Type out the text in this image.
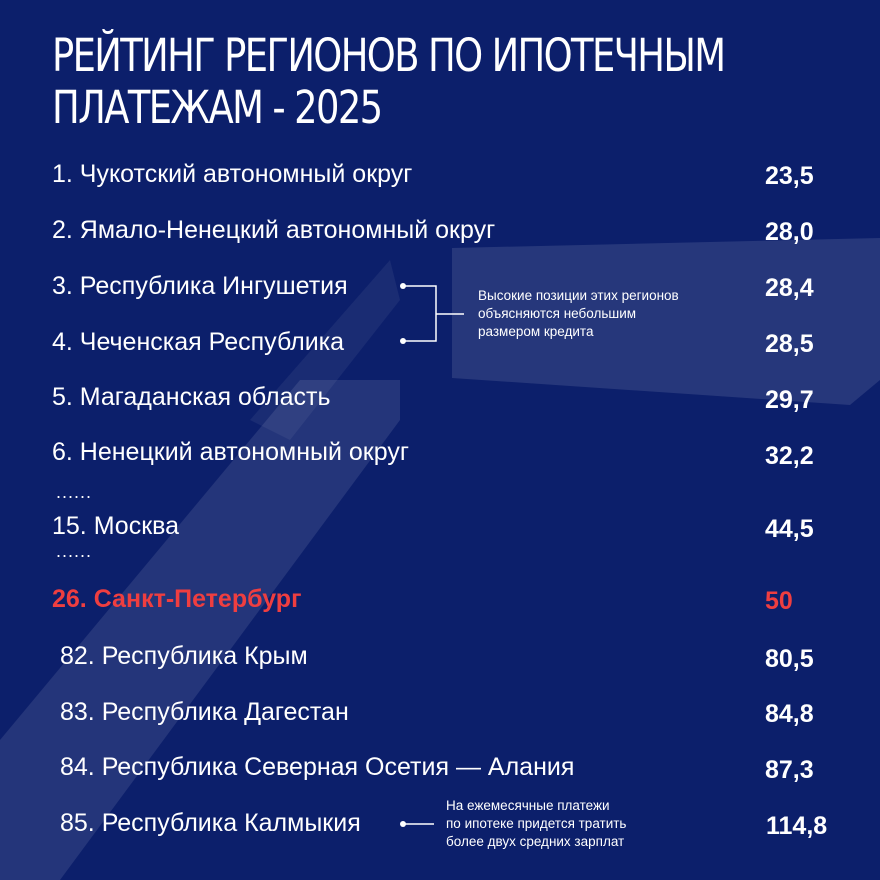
РЕЙТИНГ РЕГИОНОВ ПО ИПОТЕЧНЫМ
ПЛАТЕЖАМ - 2025
1. Чукотский автономный округ	23,5
2. Ямало-Ненецкий автономный округ	28,0
3. Республика Ингушетия	28,4
4. Чеченская Республика	28,5
5. Магаданская область	29,7
6. Ненецкий автономный округ	32,2
......
15. Москва	44,5
......
26. Санкт-Петербург	50
82. Республика Крым	80,5
83. Республика Дагестан	84,8
84. Республика Северная Осетия — Алания	87,3
85. Республика Калмыкия	114,8
Высокие позиции этих регионов
объясняются небольшим
размером кредита
На ежемесячные платежи
по ипотеке придется тратить
более двух средних зарплат
